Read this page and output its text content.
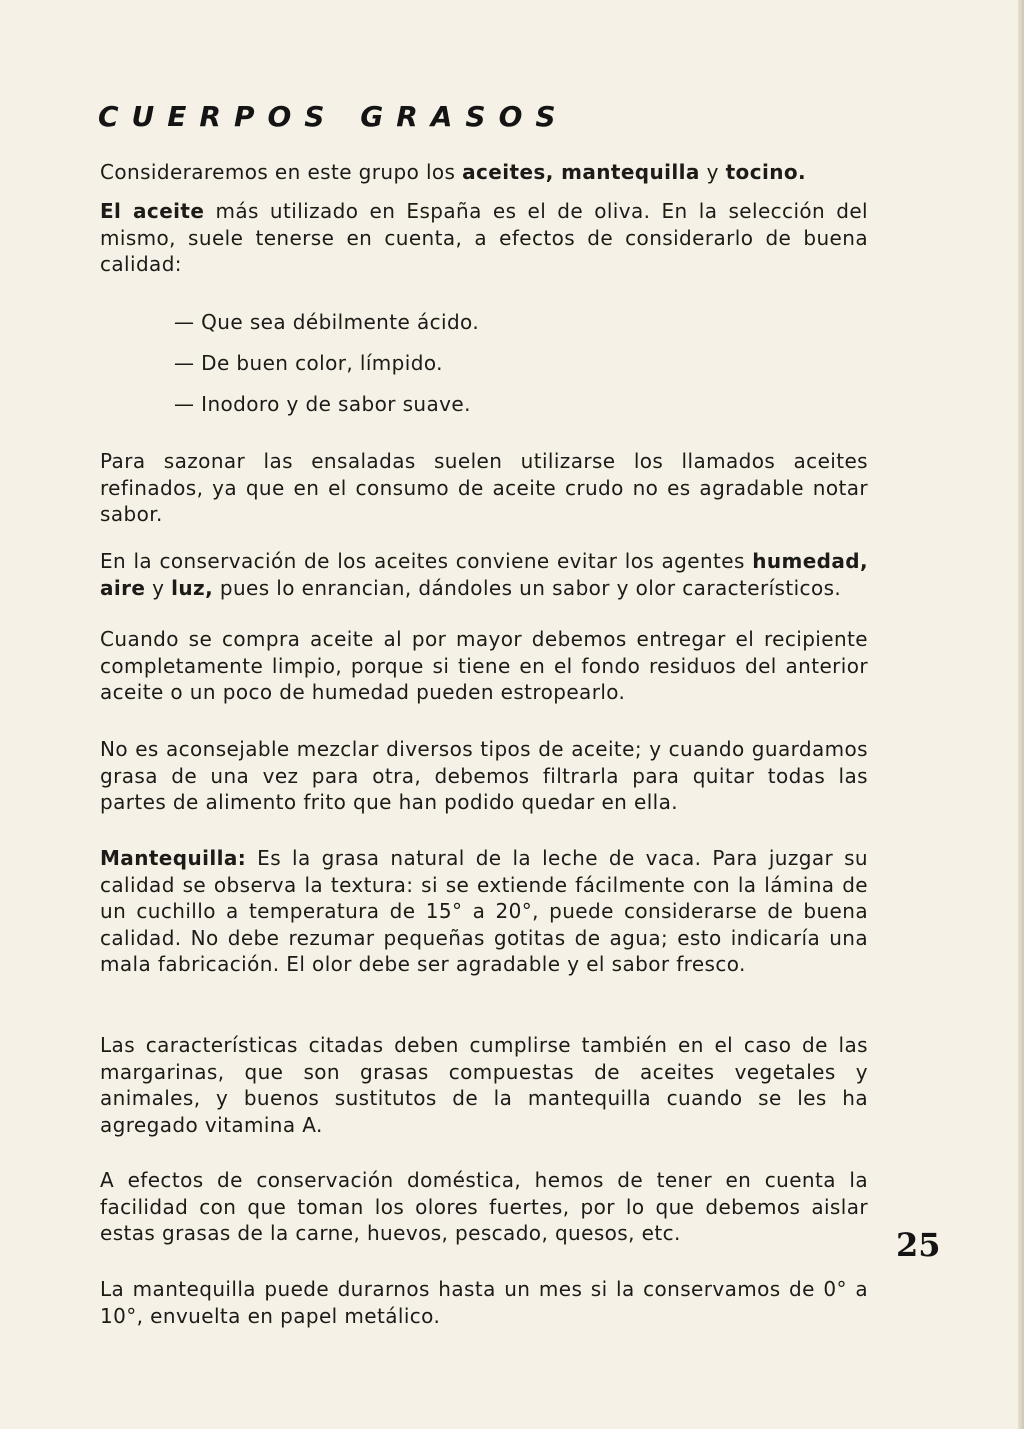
CUERPOS GRASOS

Consideraremos en este grupo los aceites, mantequilla y tocino.

El aceite más utilizado en España es el de oliva. En la selección del mismo, suele tenerse en cuenta, a efectos de considerarlo de buena calidad:

— Que sea débilmente ácido.
— De buen color, límpido.
— Inodoro y de sabor suave.

Para sazonar las ensaladas suelen utilizarse los llamados aceites refinados, ya que en el consumo de aceite crudo no es agradable notar sabor.

En la conservación de los aceites conviene evitar los agentes humedad, aire y luz, pues lo enrancian, dándoles un sabor y olor característicos.

Cuando se compra aceite al por mayor debemos entregar el recipiente completamente limpio, porque si tiene en el fondo residuos del anterior aceite o un poco de humedad pueden estropearlo.

No es aconsejable mezclar diversos tipos de aceite; y cuando guardamos grasa de una vez para otra, debemos filtrarla para quitar todas las partes de alimento frito que han podido quedar en ella.

Mantequilla: Es la grasa natural de la leche de vaca. Para juzgar su calidad se observa la textura: si se extiende fácilmente con la lámina de un cuchillo a temperatura de 15° a 20°, puede considerarse de buena calidad. No debe rezumar pequeñas gotitas de agua; esto indicaría una mala fabricación. El olor debe ser agradable y el sabor fresco.

Las características citadas deben cumplirse también en el caso de las margarinas, que son grasas compuestas de aceites vegetales y animales, y buenos sustitutos de la mantequilla cuando se les ha agregado vitamina A.

A efectos de conservación doméstica, hemos de tener en cuenta la facilidad con que toman los olores fuertes, por lo que debemos aislar estas grasas de la carne, huevos, pescado, quesos, etc.

La mantequilla puede durarnos hasta un mes si la conservamos de 0° a 10°, envuelta en papel metálico.

25
